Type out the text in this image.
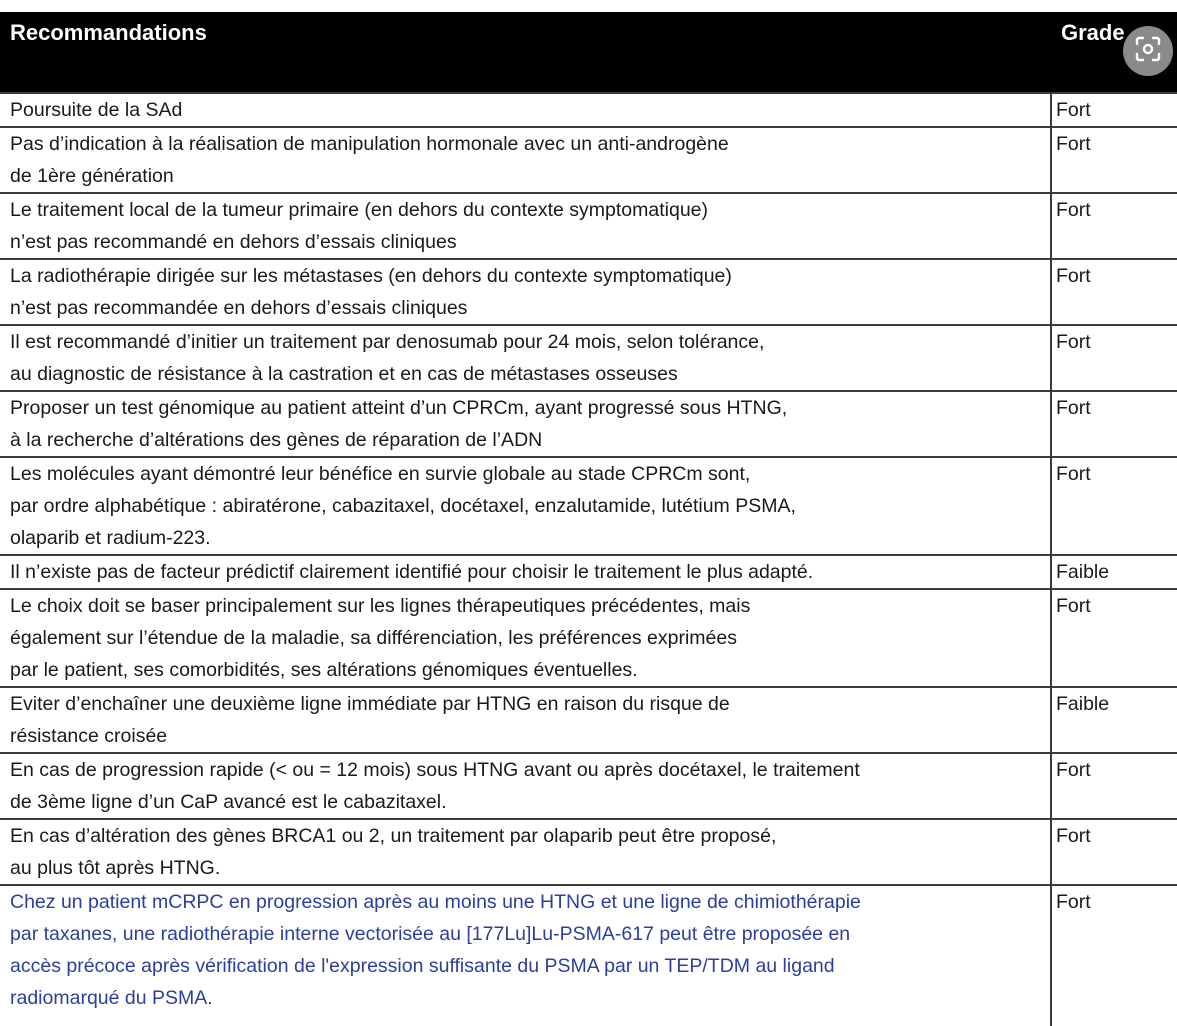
Recommandations	Grade
Poursuite de la SAd	Fort
Pas d’indication à la réalisation de manipulation hormonale avec un anti-androgène
de 1ère génération	Fort
Le traitement local de la tumeur primaire (en dehors du contexte symptomatique)
n’est pas recommandé en dehors d’essais cliniques	Fort
La radiothérapie dirigée sur les métastases (en dehors du contexte symptomatique)
n’est pas recommandée en dehors d’essais cliniques	Fort
Il est recommandé d’initier un traitement par denosumab pour 24 mois, selon tolérance,
au diagnostic de résistance à la castration et en cas de métastases osseuses	Fort
Proposer un test génomique au patient atteint d’un CPRCm, ayant progressé sous HTNG,
à la recherche d’altérations des gènes de réparation de l’ADN	Fort
Les molécules ayant démontré leur bénéfice en survie globale au stade CPRCm sont,
par ordre alphabétique : abiratérone, cabazitaxel, docétaxel, enzalutamide, lutétium PSMA,
olaparib et radium-223.	Fort
Il n’existe pas de facteur prédictif clairement identifié pour choisir le traitement le plus adapté.	Faible
Le choix doit se baser principalement sur les lignes thérapeutiques précédentes, mais
également sur l’étendue de la maladie, sa différenciation, les préférences exprimées
par le patient, ses comorbidités, ses altérations génomiques éventuelles.	Fort
Eviter d’enchaîner une deuxième ligne immédiate par HTNG en raison du risque de
résistance croisée	Faible
En cas de progression rapide (< ou = 12 mois) sous HTNG avant ou après docétaxel, le traitement
de 3ème ligne d’un CaP avancé est le cabazitaxel.	Fort
En cas d’altération des gènes BRCA1 ou 2, un traitement par olaparib peut être proposé,
au plus tôt après HTNG.	Fort
Chez un patient mCRPC en progression après au moins une HTNG et une ligne de chimiothérapie
par taxanes, une radiothérapie interne vectorisée au [177Lu]Lu-PSMA-617 peut être proposée en
accès précoce après vérification de l'expression suffisante du PSMA par un TEP/TDM au ligand
radiomarqué du PSMA.	Fort
